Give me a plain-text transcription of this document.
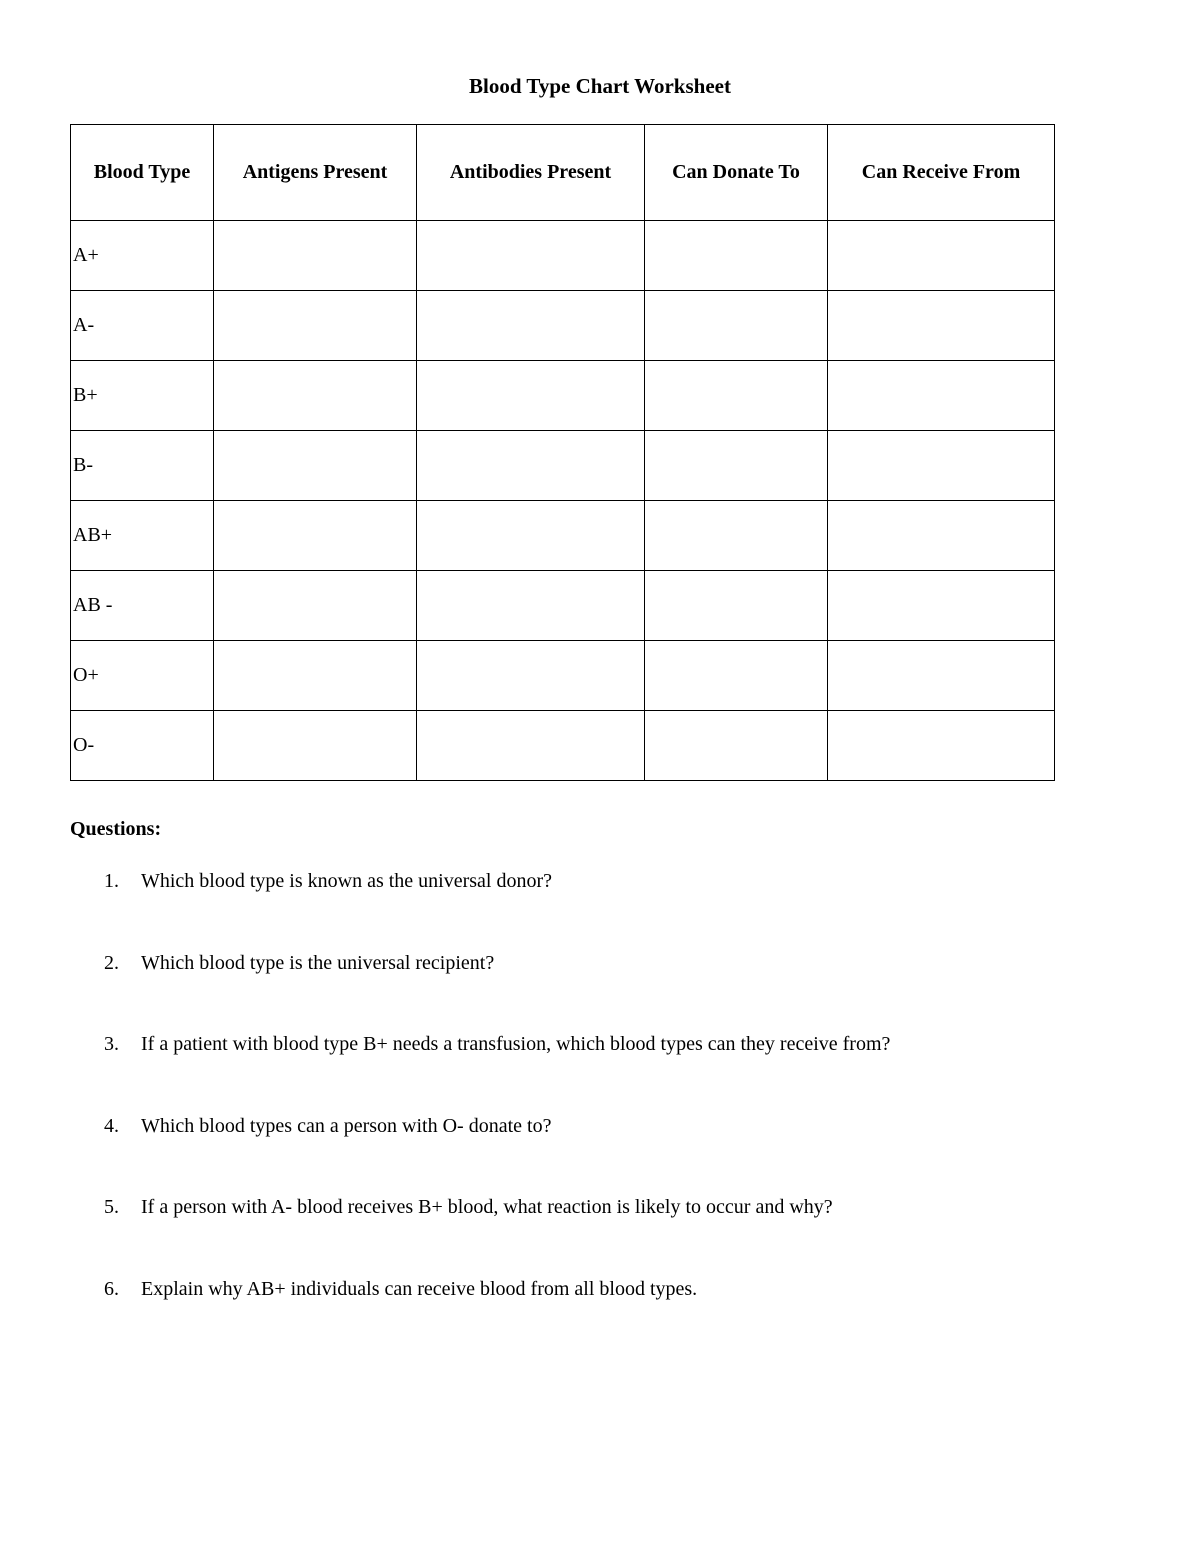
Blood Type Chart Worksheet
Blood Type	Antigens Present	Antibodies Present	Can Donate To	Can Receive From
A+				
A-				
B+				
B-				
AB+				
AB -				
O+				
O-				
Questions:
1. Which blood type is known as the universal donor?
2. Which blood type is the universal recipient?
3. If a patient with blood type B+ needs a transfusion, which blood types can they receive from?
4. Which blood types can a person with O- donate to?
5. If a person with A- blood receives B+ blood, what reaction is likely to occur and why?
6. Explain why AB+ individuals can receive blood from all blood types.
